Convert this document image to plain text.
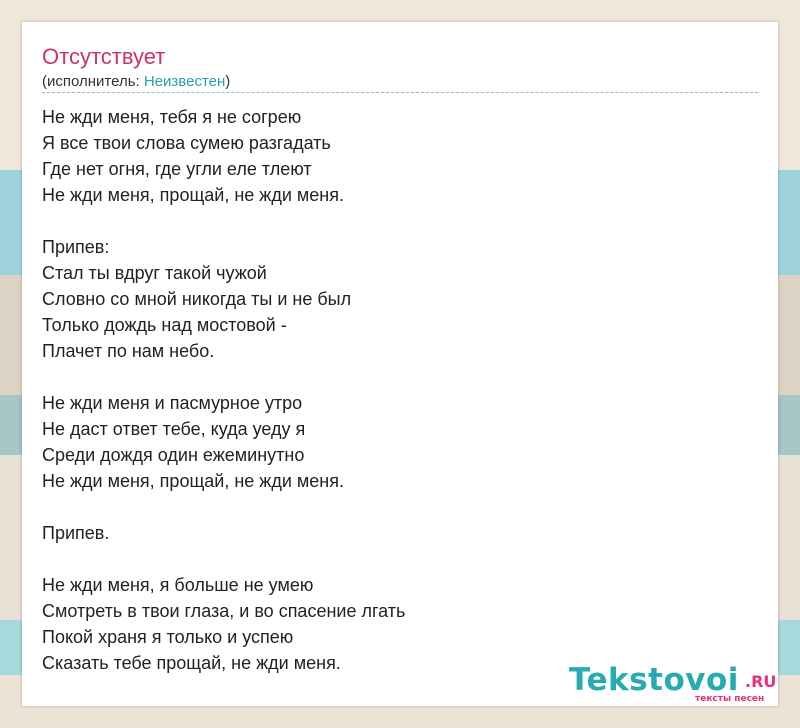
Отсутствует
(исполнитель: Неизвестен)
Не жди меня, тебя я не согрею
Я все твои слова сумею разгадать
Где нет огня, где угли еле тлеют
Не жди меня, прощай, не жди меня.
Припев:
Стал ты вдруг такой чужой
Словно со мной никогда ты и не был
Только дождь над мостовой -
Плачет по нам небо.
Не жди меня и пасмурное утро
Не даст ответ тебе, куда уеду я
Среди дождя один ежеминутно
Не жди меня, прощай, не жди меня.
Припев.
Не жди меня, я больше не умею
Смотреть в твои глаза, и во спасение лгать
Покой храня я только и успею
Сказать тебе прощай, не жди меня.	Tekstovoi .RU
тексты песен
